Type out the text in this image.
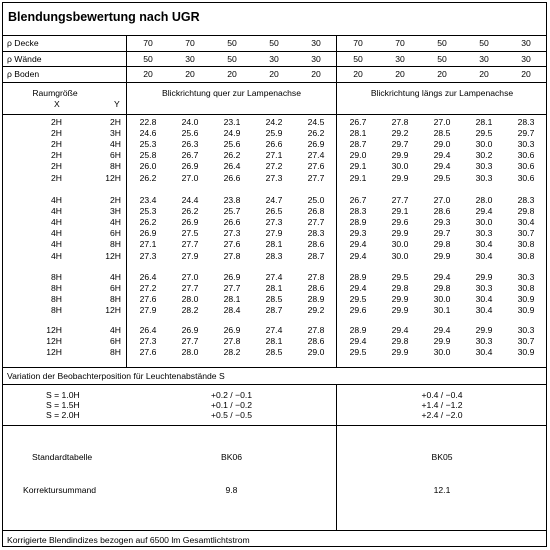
Blendungsbewertung nach UGR
ρ Decke	70	70	50	50	30	70	70	50	50	30
ρ Wände	50	30	50	30	30	50	30	50	30	30
ρ Boden	20	20	20	20	20	20	20	20	20	20
Raumgröße
X	Y
Blickrichtung quer zur Lampenachse	Blickrichtung längs zur Lampenachse
2H	2H	22.8	24.0	23.1	24.2	24.5	26.7	27.8	27.0	28.1	28.3
2H	3H	24.6	25.6	24.9	25.9	26.2	28.1	29.2	28.5	29.5	29.7
2H	4H	25.3	26.3	25.6	26.6	26.9	28.7	29.7	29.0	30.0	30.3
2H	6H	25.8	26.7	26.2	27.1	27.4	29.0	29.9	29.4	30.2	30.6
2H	8H	26.0	26.9	26.4	27.2	27.6	29.1	30.0	29.4	30.3	30.6
2H	12H	26.2	27.0	26.6	27.3	27.7	29.1	29.9	29.5	30.3	30.6
4H	2H	23.4	24.4	23.8	24.7	25.0	26.7	27.7	27.0	28.0	28.3
4H	3H	25.3	26.2	25.7	26.5	26.8	28.3	29.1	28.6	29.4	29.8
4H	4H	26.2	26.9	26.6	27.3	27.7	28.9	29.6	29.3	30.0	30.4
4H	6H	26.9	27.5	27.3	27.9	28.3	29.3	29.9	29.7	30.3	30.7
4H	8H	27.1	27.7	27.6	28.1	28.6	29.4	30.0	29.8	30.4	30.8
4H	12H	27.3	27.9	27.8	28.3	28.7	29.4	30.0	29.9	30.4	30.8
8H	4H	26.4	27.0	26.9	27.4	27.8	28.9	29.5	29.4	29.9	30.3
8H	6H	27.2	27.7	27.7	28.1	28.6	29.4	29.8	29.8	30.3	30.8
8H	8H	27.6	28.0	28.1	28.5	28.9	29.5	29.9	30.0	30.4	30.9
8H	12H	27.9	28.2	28.4	28.7	29.2	29.6	29.9	30.1	30.4	30.9
12H	4H	26.4	26.9	26.9	27.4	27.8	28.9	29.4	29.4	29.9	30.3
12H	6H	27.3	27.7	27.8	28.1	28.6	29.4	29.8	29.9	30.3	30.7
12H	8H	27.6	28.0	28.2	28.5	29.0	29.5	29.9	30.0	30.4	30.9
Variation der Beobachterposition für Leuchtenabstände S
S = 1.0H	+0.2 / −0.1	+0.4 / −0.4
S = 1.5H	+0.1 / −0.2	+1.4 / −1.2
S = 2.0H	+0.5 / −0.5	+2.4 / −2.0
Standardtabelle	BK06	BK05
Korrektursummand	9.8	12.1
Korrigierte Blendindizes bezogen auf 6500 lm Gesamtlichtstrom
